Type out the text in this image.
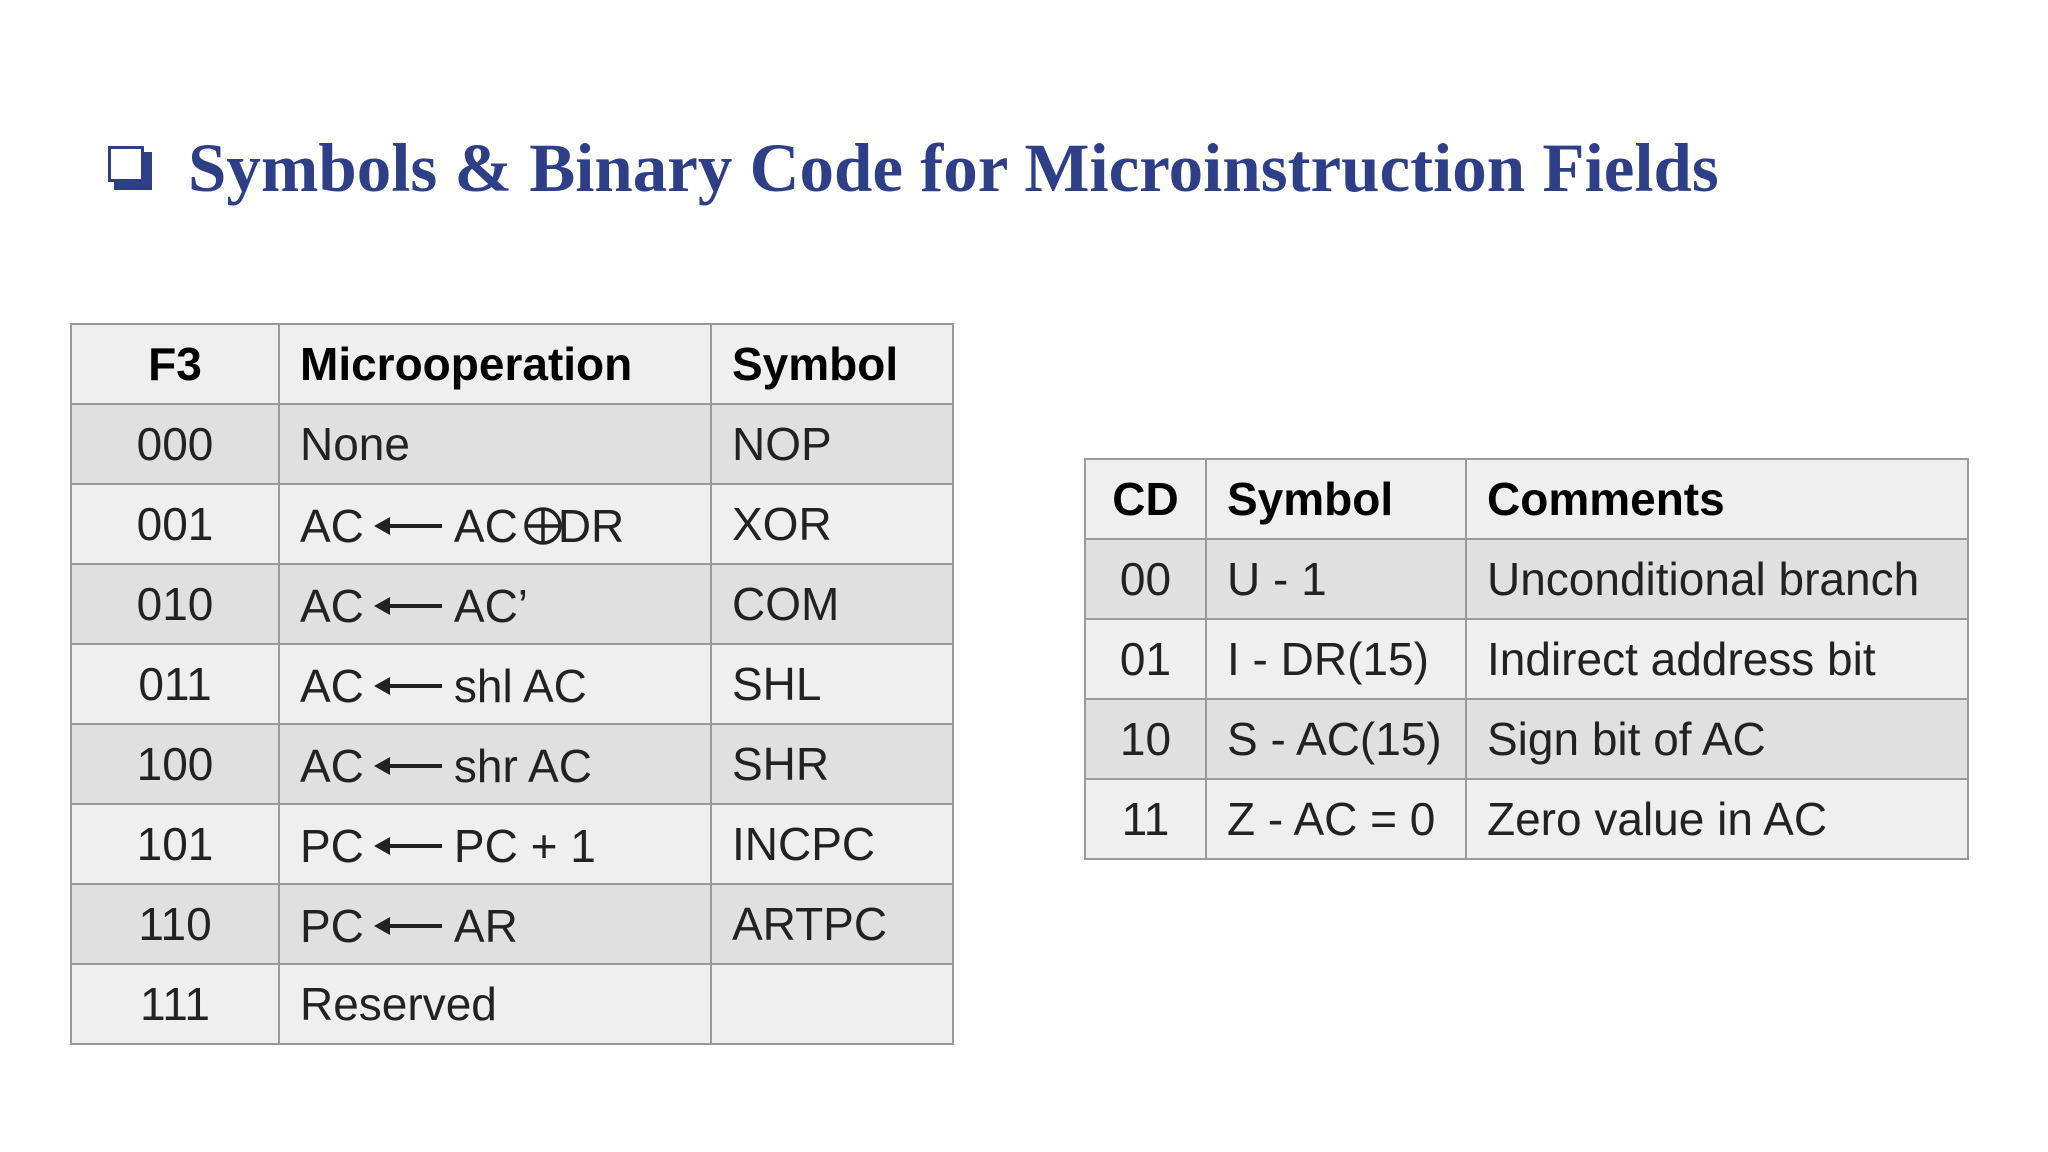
Symbols & Binary Code for Microinstruction Fields
F3	Microoperation	Symbol
000	None	NOP
001	AC AC DR	XOR
010	AC AC’	COM
011	AC shl AC	SHL
100	AC shr AC	SHR
101	PC PC + 1	INCPC
110	PC AR	ARTPC
111	Reserved	
CD	Symbol	Comments
00	U - 1	Unconditional branch
01	I - DR(15)	Indirect address bit
10	S - AC(15)	Sign bit of AC
11	Z - AC = 0	Zero value in AC
